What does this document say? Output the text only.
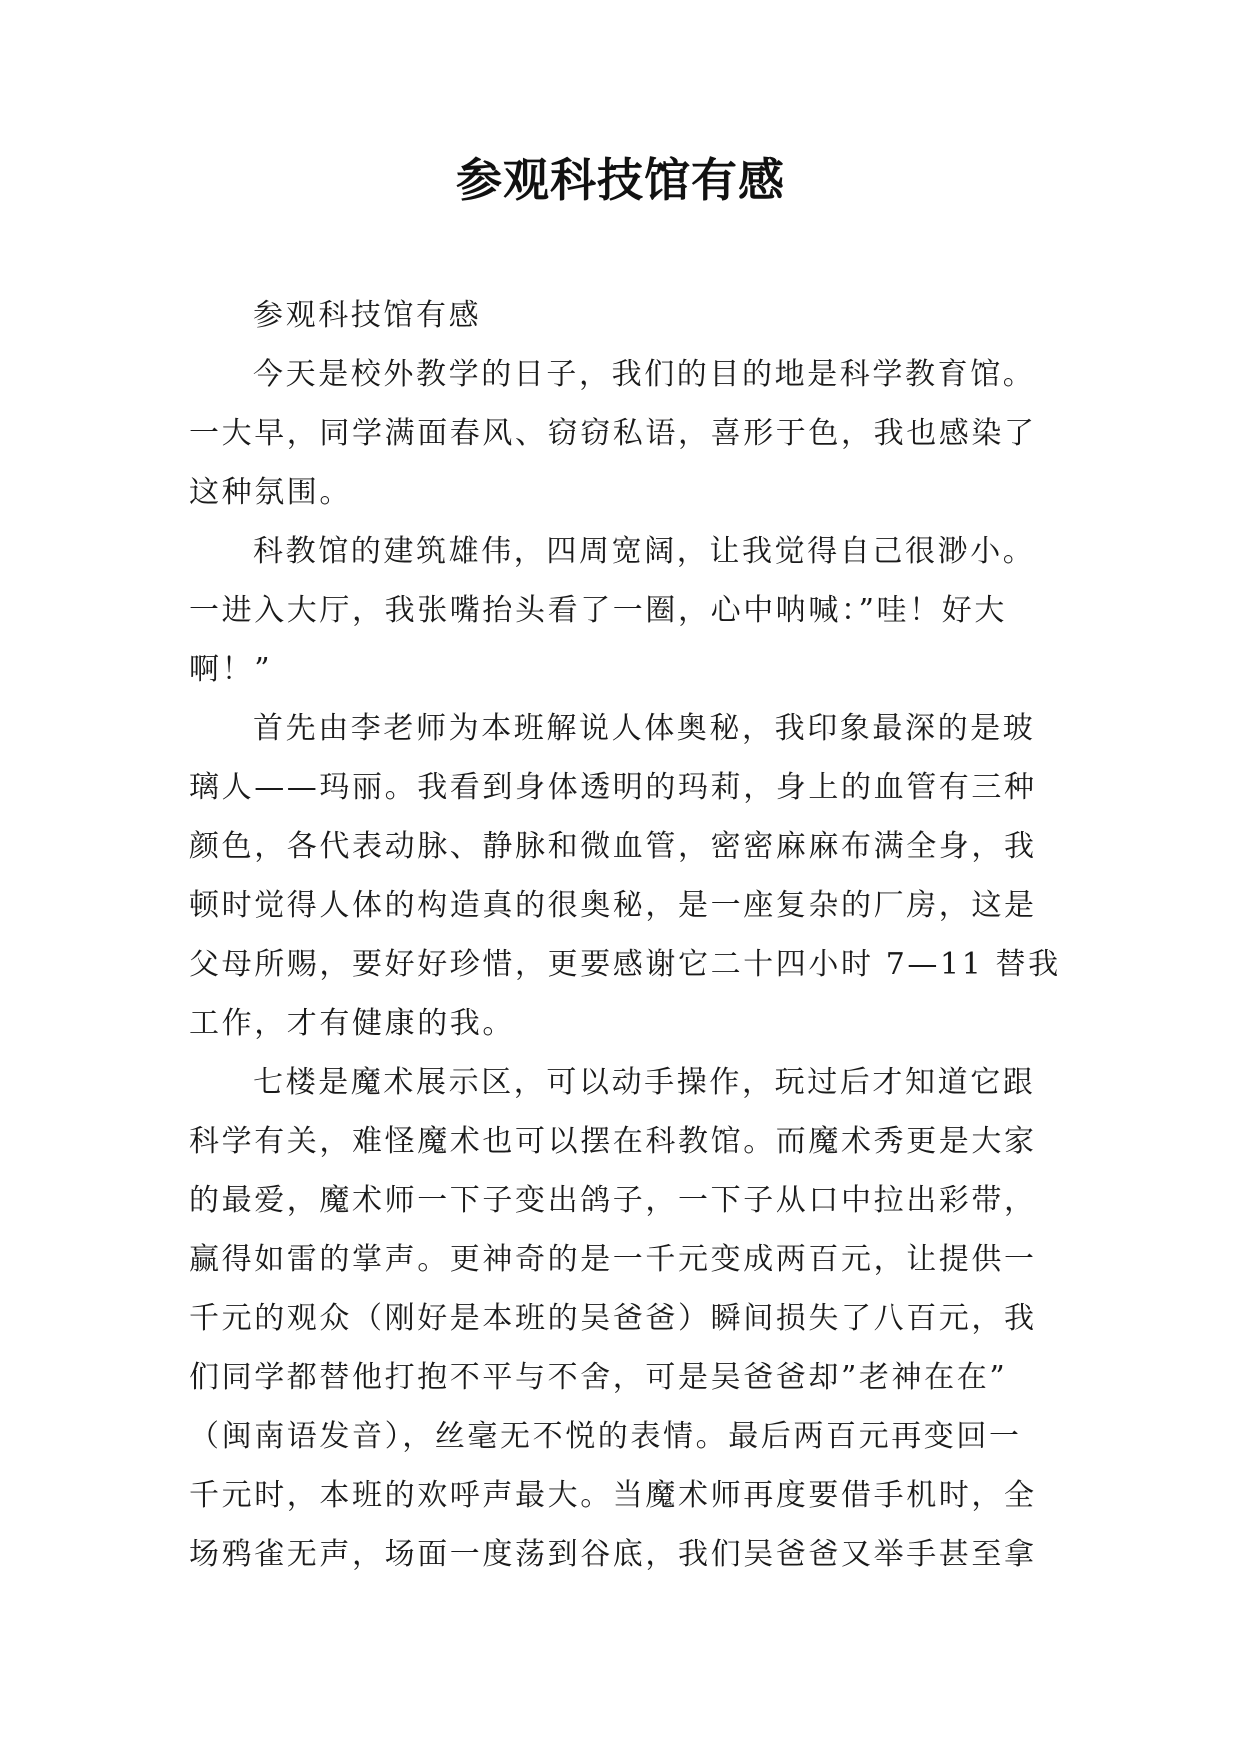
参观科技馆有感

参观科技馆有感

今天是校外教学的日子，我们的目的地是科学教育馆。
一大早，同学满面春风、窃窃私语，喜形于色，我也感染了
这种氛围。

科教馆的建筑雄伟，四周宽阔，让我觉得自己很渺小。
一进入大厅，我张嘴抬头看了一圈，心中呐喊：”哇！好大
啊！”

首先由李老师为本班解说人体奥秘，我印象最深的是玻
璃人——玛丽。我看到身体透明的玛莉，身上的血管有三种
颜色，各代表动脉、静脉和微血管，密密麻麻布满全身，我
顿时觉得人体的构造真的很奥秘，是一座复杂的厂房，这是
父母所赐，要好好珍惜，更要感谢它二十四小时 7—11 替我
工作，才有健康的我。

七楼是魔术展示区，可以动手操作，玩过后才知道它跟
科学有关，难怪魔术也可以摆在科教馆。而魔术秀更是大家
的最爱，魔术师一下子变出鸽子，一下子从口中拉出彩带，
赢得如雷的掌声。更神奇的是一千元变成两百元，让提供一
千元的观众（刚好是本班的吴爸爸）瞬间损失了八百元，我
们同学都替他打抱不平与不舍，可是吴爸爸却”老神在在”
（闽南语发音），丝毫无不悦的表情。最后两百元再变回一
千元时，本班的欢呼声最大。当魔术师再度要借手机时，全
场鸦雀无声，场面一度荡到谷底，我们吴爸爸又举手甚至拿
